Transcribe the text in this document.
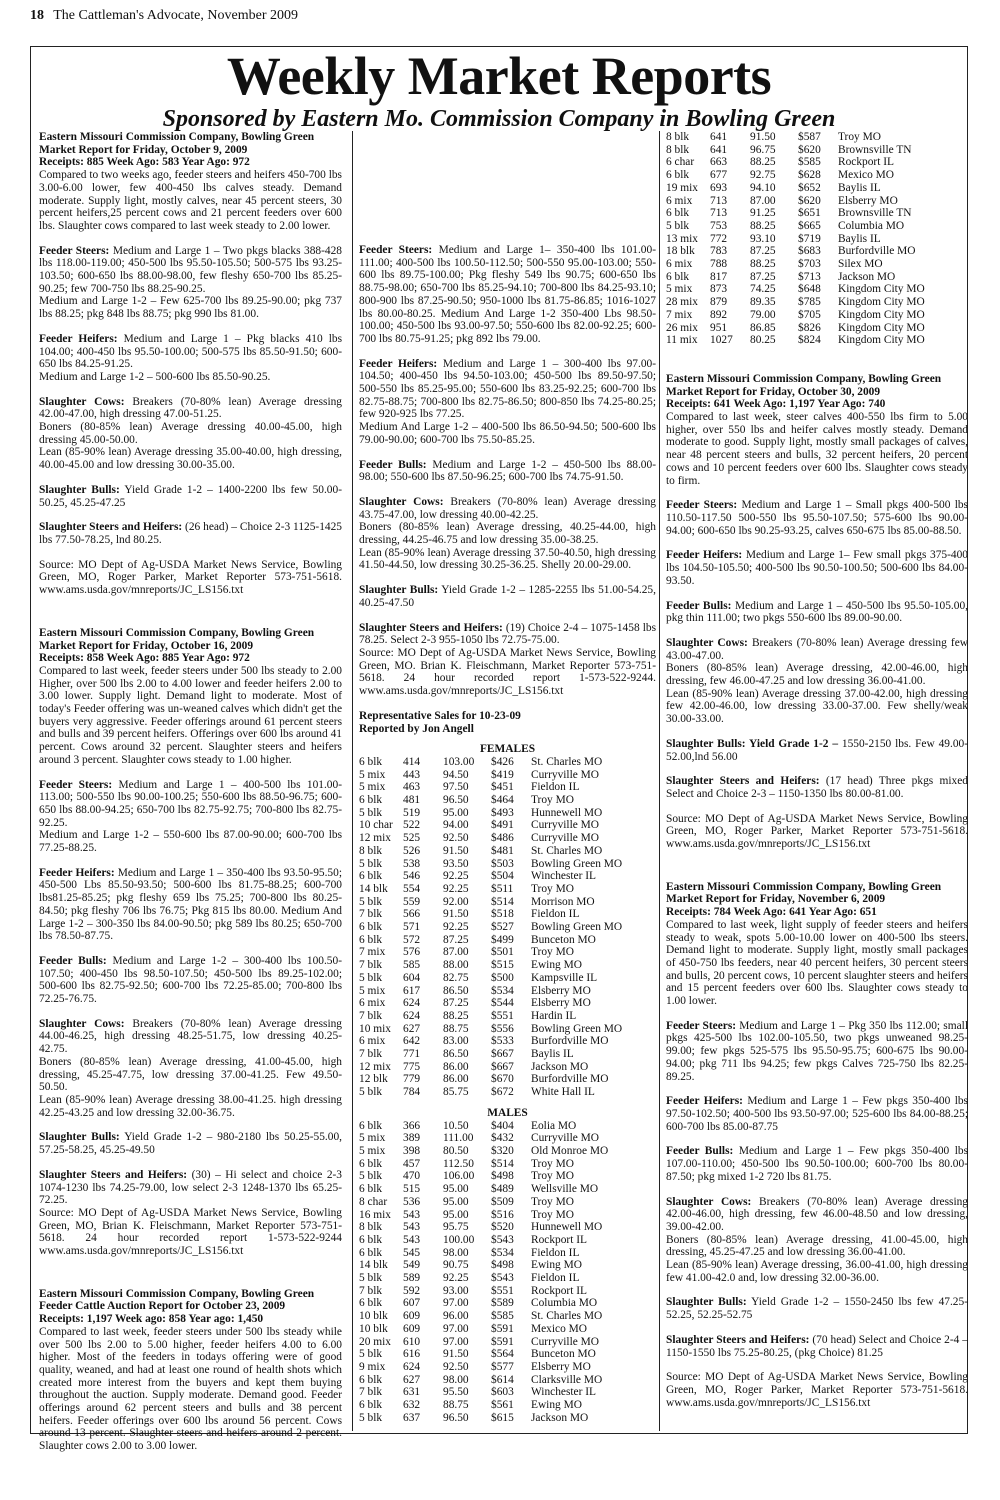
18 The Cattleman's Advocate, November 2009
Weekly Market Reports
Sponsored by Eastern Mo. Commission Company in Bowling Green

Eastern Missouri Commission Company, Bowling Green

Market Report for Friday, October 9, 2009

Receipts: 885 Week Ago: 583 Year Ago: 972

Compared to two weeks ago, feeder steers and heifers 450-700 lbs 3.00-6.00 lower, few 400-450 lbs calves steady. Demand moderate. Supply light, mostly calves, near 45 percent steers, 30 percent heifers,25 percent cows and 21 percent feeders over 600 lbs. Slaughter cows compared to last week steady to 2.00 lower.

Feeder Steers: Medium and Large 1 – Two pkgs blacks 388-428 lbs 118.00-119.00; 450-500 lbs 95.50-105.50; 500-575 lbs 93.25-103.50; 600-650 lbs 88.00-98.00, few fleshy 650-700 lbs 85.25-90.25; few 700-750 lbs 88.25-90.25.

Medium and Large 1-2 – Few 625-700 lbs 89.25-90.00; pkg 737 lbs 88.25; pkg 848 lbs 88.75; pkg 990 lbs 81.00.

Feeder Heifers: Medium and Large 1 – Pkg blacks 410 lbs 104.00; 400-450 lbs 95.50-100.00; 500-575 lbs 85.50-91.50; 600-650 lbs 84.25-91.25.

Medium and Large 1-2 – 500-600 lbs 85.50-90.25.

Slaughter Cows: Breakers (70-80% lean) Average dressing 42.00-47.00, high dressing 47.00-51.25.

Boners (80-85% lean) Average dressing 40.00-45.00, high dressing 45.00-50.00.

Lean (85-90% lean) Average dressing 35.00-40.00, high dressing, 40.00-45.00 and low dressing 30.00-35.00.

Slaughter Bulls: Yield Grade 1-2 – 1400-2200 lbs few 50.00-50.25, 45.25-47.25

Slaughter Steers and Heifers: (26 head) – Choice 2-3 1125-1425 lbs 77.50-78.25, lnd 80.25.

Source: MO Dept of Ag-USDA Market News Service, Bowling Green, MO, Roger Parker, Market Reporter 573-751-5618. www.ams.usda.gov/mnreports/JC_LS156.txt

Eastern Missouri Commission Company, Bowling Green

Market Report for Friday, October 16, 2009

Receipts: 858 Week Ago: 885 Year Ago: 972

Compared to last week, feeder steers under 500 lbs steady to 2.00 Higher, over 500 lbs 2.00 to 4.00 lower and feeder heifers 2.00 to 3.00 lower. Supply light. Demand light to moderate. Most of today's Feeder offering was un-weaned calves which didn't get the buyers very aggressive. Feeder offerings around 61 percent steers and bulls and 39 percent heifers. Offerings over 600 lbs around 41 percent. Cows around 32 percent. Slaughter steers and heifers around 3 percent. Slaughter cows steady to 1.00 higher.

Feeder Steers: Medium and Large 1 – 400-500 lbs 101.00-113.00; 500-550 lbs 90.00-100.25; 550-600 lbs 88.50-96.75; 600-650 lbs 88.00-94.25; 650-700 lbs 82.75-92.75; 700-800 lbs 82.75-92.25.

Medium and Large 1-2 – 550-600 lbs 87.00-90.00; 600-700 lbs 77.25-88.25.

Feeder Heifers: Medium and Large 1 – 350-400 lbs 93.50-95.50; 450-500 Lbs 85.50-93.50; 500-600 lbs 81.75-88.25; 600-700 lbs81.25-85.25; pkg fleshy 659 lbs 75.25; 700-800 lbs 80.25-84.50; pkg fleshy 706 lbs 76.75; Pkg 815 lbs 80.00. Medium And Large 1-2 – 300-350 lbs 84.00-90.50; pkg 589 lbs 80.25; 650-700 lbs 78.50-87.75.

Feeder Bulls: Medium and Large 1-2 – 300-400 lbs 100.50-107.50; 400-450 lbs 98.50-107.50; 450-500 lbs 89.25-102.00; 500-600 lbs 82.75-92.50; 600-700 lbs 72.25-85.00; 700-800 lbs 72.25-76.75.

Slaughter Cows: Breakers (70-80% lean) Average dressing 44.00-46.25, high dressing 48.25-51.75, low dressing 40.25-42.75.

Boners (80-85% lean) Average dressing, 41.00-45.00, high dressing, 45.25-47.75, low dressing 37.00-41.25. Few 49.50-50.50.

Lean (85-90% lean) Average dressing 38.00-41.25. high dressing 42.25-43.25 and low dressing 32.00-36.75.

Slaughter Bulls: Yield Grade 1-2 – 980-2180 lbs 50.25-55.00, 57.25-58.25, 45.25-49.50

Slaughter Steers and Heifers: (30) – Hi select and choice 2-3 1074-1230 lbs 74.25-79.00, low select 2-3 1248-1370 lbs 65.25-72.25.

Source: MO Dept of Ag-USDA Market News Service, Bowling Green, MO, Brian K. Fleischmann, Market Reporter 573-751-5618. 24 hour recorded report 1-573-522-9244 www.ams.usda.gov/mnreports/JC_LS156.txt

Eastern Missouri Commission Company, Bowling Green

Feeder Cattle Auction Report for October 23, 2009

Receipts: 1,197 Week ago: 858 Year ago: 1,450

Compared to last week, feeder steers under 500 lbs steady while over 500 lbs 2.00 to 5.00 higher, feeder heifers 4.00 to 6.00 higher. Most of the feeders in todays offering were of good quality, weaned, and had at least one round of health shots which created more interest from the buyers and kept them buying throughout the auction. Supply moderate. Demand good. Feeder offerings around 62 percent steers and bulls and 38 percent heifers. Feeder offerings over 600 lbs around 56 percent. Cows around 13 percent. Slaughter steers and heifers around 2 percent. Slaughter cows 2.00 to 3.00 lower.

Feeder Steers: Medium and Large 1– 350-400 lbs 101.00-111.00; 400-500 lbs 100.50-112.50; 500-550 95.00-103.00; 550-600 lbs 89.75-100.00; Pkg fleshy 549 lbs 90.75; 600-650 lbs 88.75-98.00; 650-700 lbs 85.25-94.10; 700-800 lbs 84.25-93.10; 800-900 lbs 87.25-90.50; 950-1000 lbs 81.75-86.85; 1016-1027 lbs 80.00-80.25. Medium And Large 1-2 350-400 Lbs 98.50-100.00; 450-500 lbs 93.00-97.50; 550-600 lbs 82.00-92.25; 600-700 lbs 80.75-91.25; pkg 892 lbs 79.00.

Feeder Heifers: Medium and Large 1 – 300-400 lbs 97.00-104.50; 400-450 lbs 94.50-103.00; 450-500 lbs 89.50-97.50; 500-550 lbs 85.25-95.00; 550-600 lbs 83.25-92.25; 600-700 lbs 82.75-88.75; 700-800 lbs 82.75-86.50; 800-850 lbs 74.25-80.25; few 920-925 lbs 77.25.

Medium And Large 1-2 – 400-500 lbs 86.50-94.50; 500-600 lbs 79.00-90.00; 600-700 lbs 75.50-85.25.

Feeder Bulls: Medium and Large 1-2 – 450-500 lbs 88.00-98.00; 550-600 lbs 87.50-96.25; 600-700 lbs 74.75-91.50.

Slaughter Cows: Breakers (70-80% lean) Average dressing 43.75-47.00, low dressing 40.00-42.25.

Boners (80-85% lean) Average dressing, 40.25-44.00, high dressing, 44.25-46.75 and low dressing 35.00-38.25.

Lean (85-90% lean) Average dressing 37.50-40.50, high dressing 41.50-44.50, low dressing 30.25-36.25. Shelly 20.00-29.00.

Slaughter Bulls: Yield Grade 1-2 – 1285-2255 lbs 51.00-54.25, 40.25-47.50

Slaughter Steers and Heifers: (19) Choice 2-4 – 1075-1458 lbs 78.25. Select 2-3 955-1050 lbs 72.75-75.00.

Source: MO Dept of Ag-USDA Market News Service, Bowling Green, MO. Brian K. Fleischmann, Market Reporter 573-751-5618. 24 hour recorded report 1-573-522-9244. www.ams.usda.gov/mnreports/JC_LS156.txt

Representative Sales for 10-23-09

Reported by Jon Angell

FEMALES
6 blk	414	103.00	$426	St. Charles MO
5 mix	443	94.50	$419	Curryville MO
5 mix	463	97.50	$451	Fieldon IL
6 blk	481	96.50	$464	Troy MO
5 blk	519	95.00	$493	Hunnewell MO
10 char	522	94.00	$491	Curryville MO
12 mix	525	92.50	$486	Curryville MO
8 blk	526	91.50	$481	St. Charles MO
5 blk	538	93.50	$503	Bowling Green MO
6 blk	546	92.25	$504	Winchester IL
14 blk	554	92.25	$511	Troy MO
5 blk	559	92.00	$514	Morrison MO
7 blk	566	91.50	$518	Fieldon IL
6 blk	571	92.25	$527	Bowling Green MO
6 blk	572	87.25	$499	Bunceton MO
7 mix	576	87.00	$501	Troy MO
7 blk	585	88.00	$515	Ewing MO
5 blk	604	82.75	$500	Kampsville IL
5 mix	617	86.50	$534	Elsberry MO
6 mix	624	87.25	$544	Elsberry MO
7 blk	624	88.25	$551	Hardin IL
10 mix	627	88.75	$556	Bowling Green MO
6 mix	642	83.00	$533	Burfordville MO
7 blk	771	86.50	$667	Baylis IL
12 mix	775	86.00	$667	Jackson MO
12 blk	779	86.00	$670	Burfordville MO
5 blk	784	85.75	$672	White Hall IL
MALES
6 blk	366	10.50	$404	Eolia MO
5 mix	389	111.00	$432	Curryville MO
5 mix	398	80.50	$320	Old Monroe MO
6 blk	457	112.50	$514	Troy MO
5 blk	470	106.00	$498	Troy MO
6 blk	515	95.00	$489	Wellsville MO
8 char	536	95.00	$509	Troy MO
16 mix	543	95.00	$516	Troy MO
8 blk	543	95.75	$520	Hunnewell MO
6 blk	543	100.00	$543	Rockport IL
6 blk	545	98.00	$534	Fieldon IL
14 blk	549	90.75	$498	Ewing MO
5 blk	589	92.25	$543	Fieldon IL
7 blk	592	93.00	$551	Rockport IL
6 blk	607	97.00	$589	Columbia MO
10 blk	609	96.00	$585	St. Charles MO
10 blk	609	97.00	$591	Mexico MO
20 mix	610	97.00	$591	Curryville MO
5 blk	616	91.50	$564	Bunceton MO
9 mix	624	92.50	$577	Elsberry MO
6 blk	627	98.00	$614	Clarksville MO
7 blk	631	95.50	$603	Winchester IL
6 blk	632	88.75	$561	Ewing MO
5 blk	637	96.50	$615	Jackson MO
8 blk	641	91.50	$587	Troy MO
8 blk	641	96.75	$620	Brownsville TN
6 char	663	88.25	$585	Rockport IL
6 blk	677	92.75	$628	Mexico MO
19 mix	693	94.10	$652	Baylis IL
6 mix	713	87.00	$620	Elsberry MO
6 blk	713	91.25	$651	Brownsville TN
5 blk	753	88.25	$665	Columbia MO
13 mix	772	93.10	$719	Baylis IL
18 blk	783	87.25	$683	Burfordville MO
6 mix	788	88.25	$703	Silex MO
6 blk	817	87.25	$713	Jackson MO
5 mix	873	74.25	$648	Kingdom City MO
28 mix	879	89.35	$785	Kingdom City MO
7 mix	892	79.00	$705	Kingdom City MO
26 mix	951	86.85	$826	Kingdom City MO
11 mix	1027	80.25	$824	Kingdom City MO

Eastern Missouri Commission Company, Bowling Green

Market Report for Friday, October 30, 2009

Receipts: 641 Week Ago: 1,197 Year Ago: 740

Compared to last week, steer calves 400-550 lbs firm to 5.00 higher, over 550 lbs and heifer calves mostly steady. Demand moderate to good. Supply light, mostly small packages of calves, near 48 percent steers and bulls, 32 percent heifers, 20 percent cows and 10 percent feeders over 600 lbs. Slaughter cows steady to firm.

Feeder Steers: Medium and Large 1 – Small pkgs 400-500 lbs 110.50-117.50 500-550 lbs 95.50-107.50; 575-600 lbs 90.00-94.00; 600-650 lbs 90.25-93.25, calves 650-675 lbs 85.00-88.50.

Feeder Heifers: Medium and Large 1– Few small pkgs 375-400 lbs 104.50-105.50; 400-500 lbs 90.50-100.50; 500-600 lbs 84.00-93.50.

Feeder Bulls: Medium and Large 1 – 450-500 lbs 95.50-105.00, pkg thin 111.00; two pkgs 550-600 lbs 89.00-90.00.

Slaughter Cows: Breakers (70-80% lean) Average dressing few 43.00-47.00.

Boners (80-85% lean) Average dressing, 42.00-46.00, high dressing, few 46.00-47.25 and low dressing 36.00-41.00.

Lean (85-90% lean) Average dressing 37.00-42.00, high dressing few 42.00-46.00, low dressing 33.00-37.00. Few shelly/weak 30.00-33.00.

Slaughter Bulls: Yield Grade 1-2 – 1550-2150 lbs. Few 49.00-52.00,lnd 56.00

Slaughter Steers and Heifers: (17 head) Three pkgs mixed Select and Choice 2-3 – 1150-1350 lbs 80.00-81.00.

Source: MO Dept of Ag-USDA Market News Service, Bowling Green, MO, Roger Parker, Market Reporter 573-751-5618. www.ams.usda.gov/mnreports/JC_LS156.txt

Eastern Missouri Commission Company, Bowling Green

Market Report for Friday, November 6, 2009

Receipts: 784 Week Ago: 641 Year Ago: 651

Compared to last week, light supply of feeder steers and heifers steady to weak, spots 5.00-10.00 lower on 400-500 lbs steers. Demand light to moderate. Supply light, mostly small packages of 450-750 lbs feeders, near 40 percent heifers, 30 percent steers and bulls, 20 percent cows, 10 percent slaughter steers and heifers and 15 percent feeders over 600 lbs. Slaughter cows steady to 1.00 lower.

Feeder Steers: Medium and Large 1 – Pkg 350 lbs 112.00; small pkgs 425-500 lbs 102.00-105.50, two pkgs unweaned 98.25-99.00; few pkgs 525-575 lbs 95.50-95.75; 600-675 lbs 90.00-94.00; pkg 711 lbs 94.25; few pkgs Calves 725-750 lbs 82.25-89.25.

Feeder Heifers: Medium and Large 1 – Few pkgs 350-400 lbs 97.50-102.50; 400-500 lbs 93.50-97.00; 525-600 lbs 84.00-88.25; 600-700 lbs 85.00-87.75

Feeder Bulls: Medium and Large 1 – Few pkgs 350-400 lbs 107.00-110.00; 450-500 lbs 90.50-100.00; 600-700 lbs 80.00-87.50; pkg mixed 1-2 720 lbs 81.75.

Slaughter Cows: Breakers (70-80% lean) Average dressing 42.00-46.00, high dressing, few 46.00-48.50 and low dressing, 39.00-42.00.

Boners (80-85% lean) Average dressing, 41.00-45.00, high dressing, 45.25-47.25 and low dressing 36.00-41.00.

Lean (85-90% lean) Average dressing, 36.00-41.00, high dressing few 41.00-42.0 and, low dressing 32.00-36.00.

Slaughter Bulls: Yield Grade 1-2 – 1550-2450 lbs few 47.25-52.25, 52.25-52.75

Slaughter Steers and Heifers: (70 head) Select and Choice 2-4 – 1150-1550 lbs 75.25-80.25, (pkg Choice) 81.25

Source: MO Dept of Ag-USDA Market News Service, Bowling Green, MO, Roger Parker, Market Reporter 573-751-5618. www.ams.usda.gov/mnreports/JC_LS156.txt
